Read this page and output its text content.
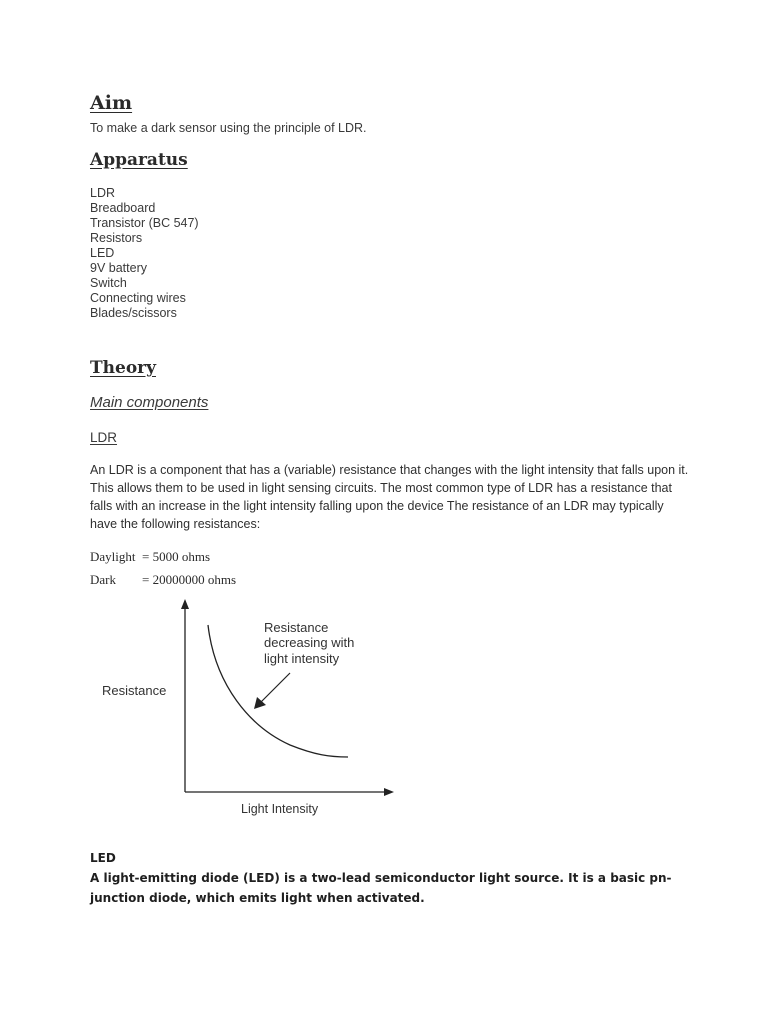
Aim

To make a dark sensor using the principle of LDR.

Apparatus
LDR
Breadboard
Transistor (BC 547)
Resistors
LED
9V battery
Switch
Connecting wires
Blades/scissors
Theory

Main components

LDR

An LDR is a component that has a (variable) resistance that changes with the light intensity that falls upon it. This allows them to be used in light sensing circuits. The most common type of LDR has a resistance that falls with an increase in the light intensity falling upon the device The resistance of an LDR may typically have the following resistances:

Daylight = 5000 ohms
Dark = 20000000 ohms
Resistance
Light Intensity
Resistance
decreasing with
light intensity

LED

A light-emitting diode (LED) is a two-lead semiconductor light source. It is a basic pn-junction diode, which emits light when activated.
